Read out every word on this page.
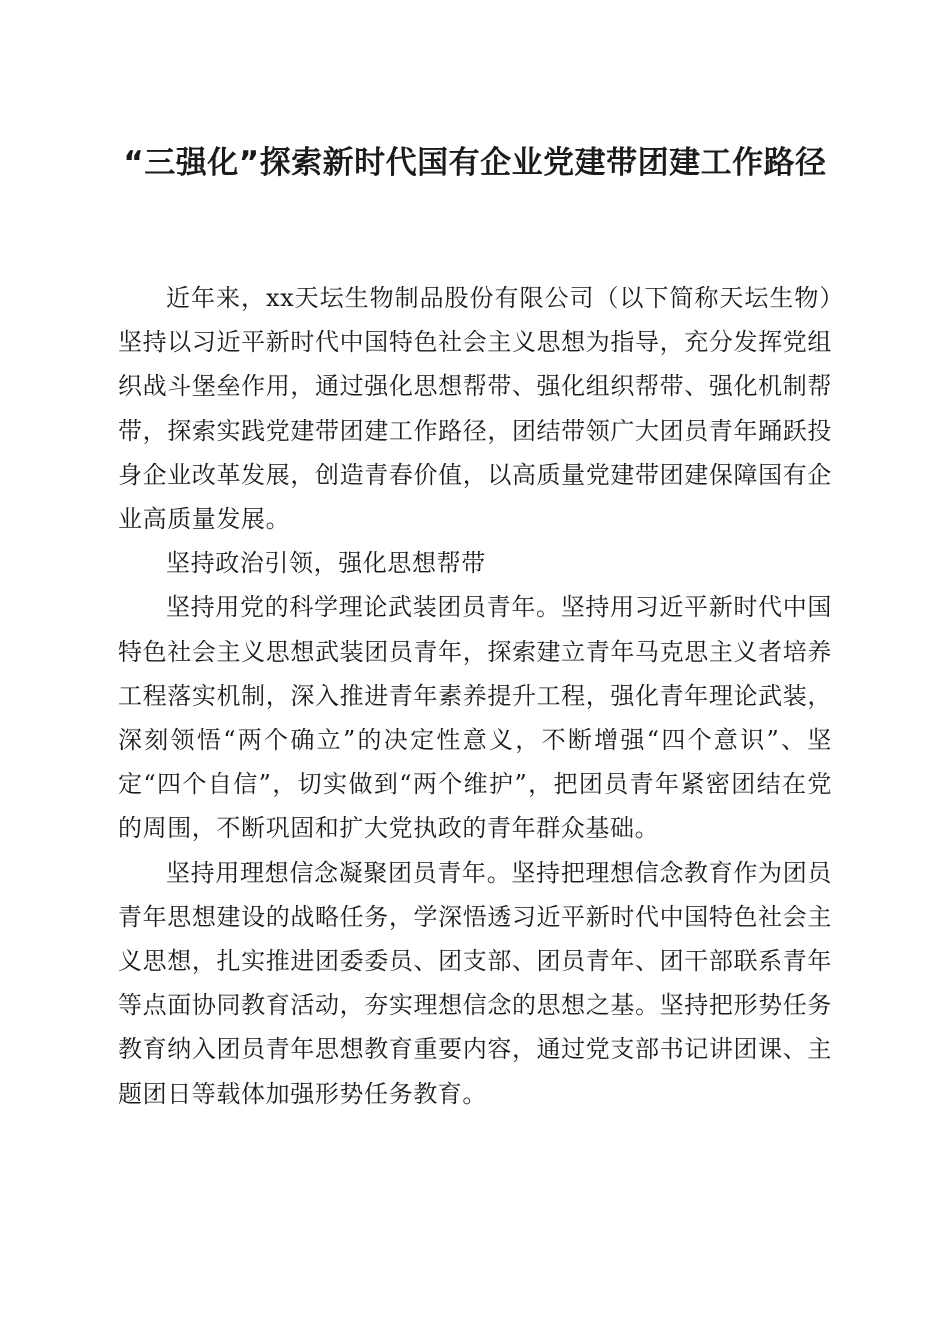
“三强化”探索新时代国有企业党建带团建工作路径

近年来，xx天坛生物制品股份有限公司（以下简称天坛生物）坚持以习近平新时代中国特色社会主义思想为指导，充分发挥党组织战斗堡垒作用，通过强化思想帮带、强化组织帮带、强化机制帮带，探索实践党建带团建工作路径，团结带领广大团员青年踊跃投身企业改革发展，创造青春价值，以高质量党建带团建保障国有企业高质量发展。

坚持政治引领，强化思想帮带

坚持用党的科学理论武装团员青年。坚持用习近平新时代中国特色社会主义思想武装团员青年，探索建立青年马克思主义者培养工程落实机制，深入推进青年素养提升工程，强化青年理论武装，深刻领悟“两个确立”的决定性意义，不断增强“四个意识”、坚定“四个自信”，切实做到“两个维护”，把团员青年紧密团结在党的周围，不断巩固和扩大党执政的青年群众基础。

坚持用理想信念凝聚团员青年。坚持把理想信念教育作为团员青年思想建设的战略任务，学深悟透习近平新时代中国特色社会主义思想，扎实推进团委委员、团支部、团员青年、团干部联系青年等点面协同教育活动，夯实理想信念的思想之基。坚持把形势任务教育纳入团员青年思想教育重要内容，通过党支部书记讲团课、主题团日等载体加强形势任务教育。
